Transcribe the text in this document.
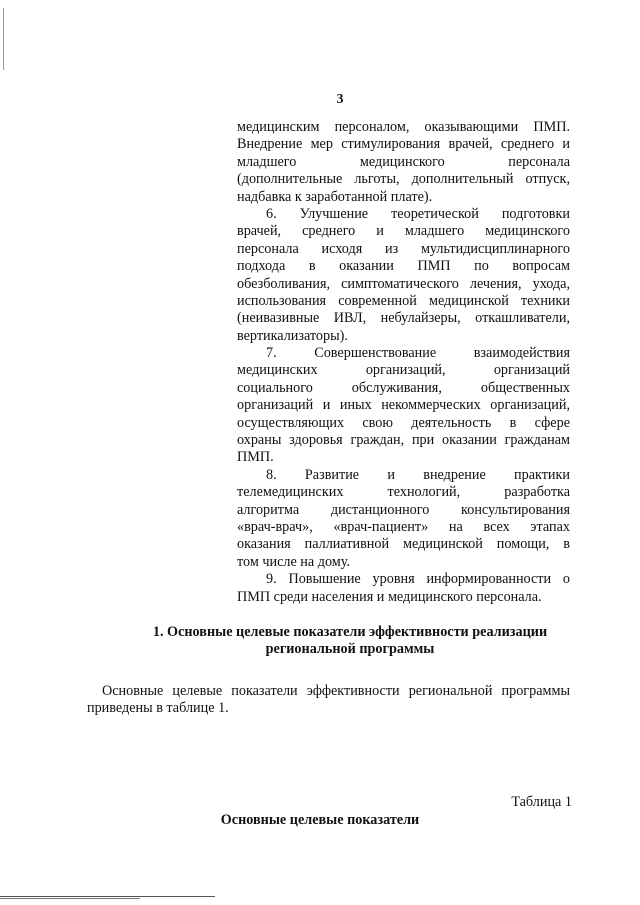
3
медицинским персоналом, оказывающими ПМП.
Внедрение мер стимулирования врачей, среднего и
младшего медицинского персонала
(дополнительные льготы, дополнительный отпуск,
надбавка к заработанной плате).
6. Улучшение теоретической подготовки
врачей, среднего и младшего медицинского
персонала исходя из мультидисциплинарного
подхода в оказании ПМП по вопросам
обезболивания, симптоматического лечения, ухода,
использования современной медицинской техники
(неивазивные ИВЛ, небулайзеры, откашливатели,
вертикализаторы).
7. Совершенствование взаимодействия
медицинских организаций, организаций
социального обслуживания, общественных
организаций и иных некоммерческих организаций,
осуществляющих свою деятельность в сфере
охраны здоровья граждан, при оказании гражданам
ПМП.
8. Развитие и внедрение практики
телемедицинских технологий, разработка
алгоритма дистанционного консультирования
«врач-врач», «врач-пациент» на всех этапах
оказания паллиативной медицинской помощи, в
том числе на дому.
9. Повышение уровня информированности о
ПМП среди населения и медицинского персонала.
1. Основные целевые показатели эффективности реализации
региональной программы
Основные целевые показатели эффективности региональной программы
приведены в таблице 1.
Таблица 1
Основные целевые показатели
